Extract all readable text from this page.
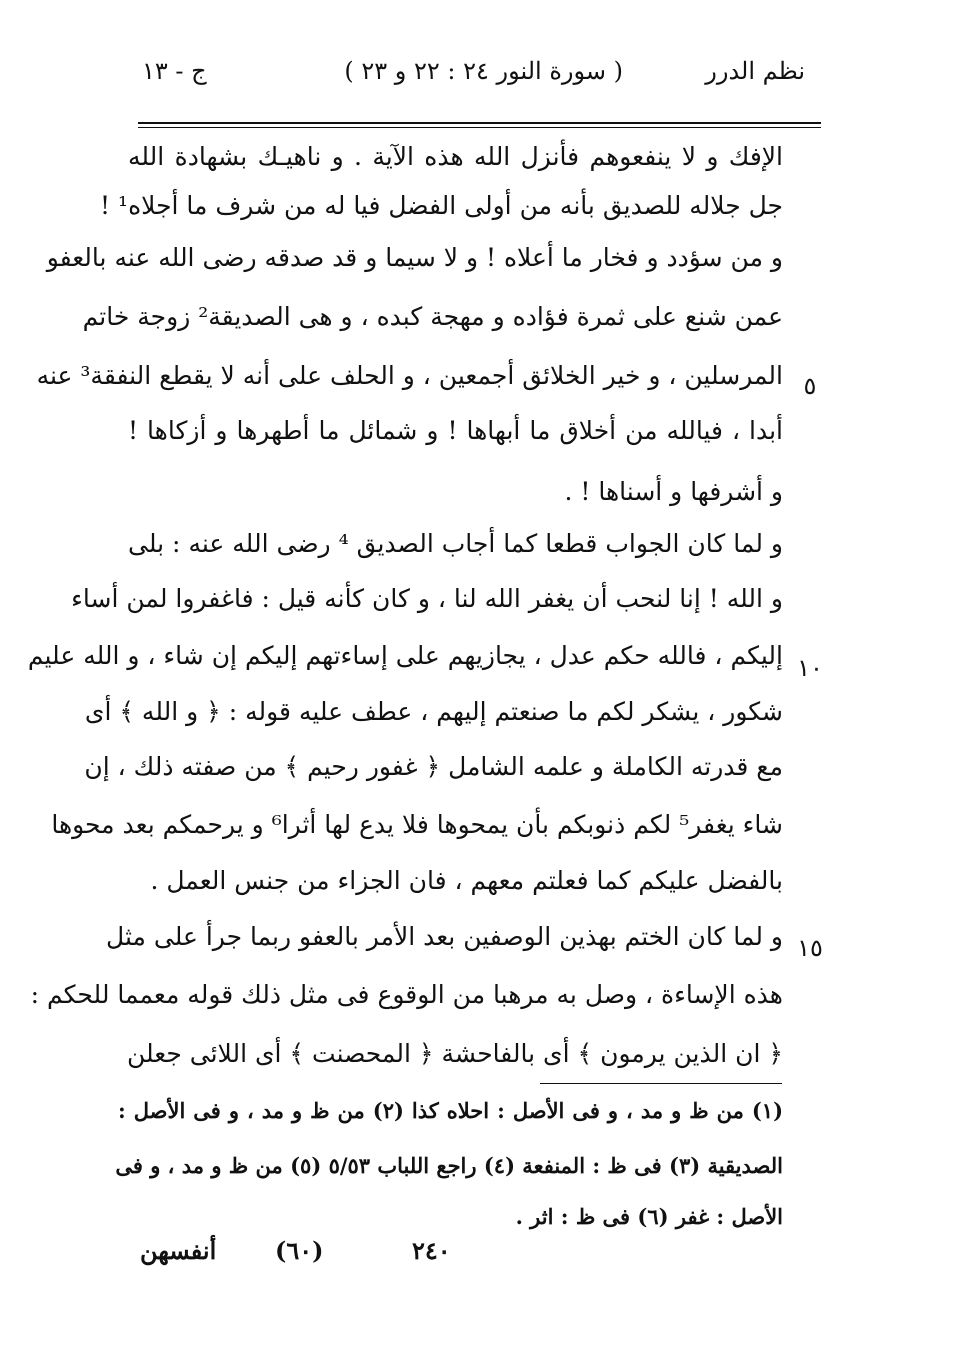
نظم الدرر
( سورة النور ٢٤ : ٢٢ و ٢٣ )
ج - ١٣
الإفك و لا ينفعوهم فأنزل الله هذه الآية . و ناهيـك بشهادة الله
جل جلاله للصديق بأنه من أولى الفضل فيا له من شرف ما أجلاه¹ !
و من سؤدد و فخار ما أعلاه ! و لا سيما و قد صدقه رضى الله عنه بالعفو
عمن شنع على ثمرة فؤاده و مهجة كبده ، و هى الصديقة² زوجة خاتم
المرسلين ، و خير الخلائق أجمعين ، و الحلف على أنه لا يقطع النفقة³ عنه
أبدا ، فيالله من أخلاق ما أبهاها ! و شمائل ما أطهرها و أزكاها !
و أشرفها و أسناها ! .
و لما كان الجواب قطعا كما أجاب الصديق ⁴ رضى الله عنه : بلى
و الله ! إنا لنحب أن يغفر الله لنا ، و كان كأنه قيل : فاغفروا لمن أساء
إليكم ، فالله حكم عدل ، يجازيهم على إساءتهم إليكم إن شاء ، و الله عليم
شكور ، يشكر لكم ما صنعتم إليهم ، عطف عليه قوله : ﴿ و الله ﴾ أى
مع قدرته الكاملة و علمه الشامل ﴿ غفور رحيم ﴾ من صفته ذلك ، إن
شاء يغفر⁵ لكم ذنوبكم بأن يمحوها فلا يدع لها أثرا⁶ و يرحمكم بعد محوها
بالفضل عليكم كما فعلتم معهم ، فان الجزاء من جنس العمل .
و لما كان الختم بهذين الوصفين بعد الأمر بالعفو ربما جرأ على مثل
هذه الإساءة ، وصل به مرهبا من الوقوع فى مثل ذلك قوله معمما للحكم :
﴿ ان الذين يرمون ﴾ أى بالفاحشة ﴿ المحصنت ﴾ أى اللائى جعلن
٥
١٠
١٥
(١) من ظ و مد ، و فى الأصل : احلاه كذا (٢) من ظ و مد ، و فى الأصل :
الصديقية (٣) فى ظ : المنفعة (٤) راجع اللباب ٥/٥٣ (٥) من ظ و مد ، و فى
الأصل : غفر (٦) فى ظ : اثر .
أنفسهن (٦٠)	٢٤٠
